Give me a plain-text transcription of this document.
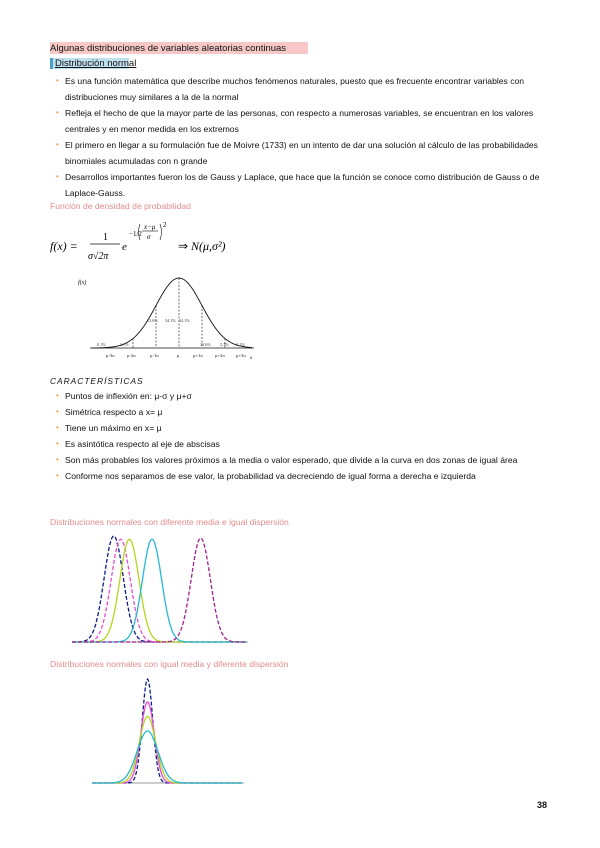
Algunas distribuciones de variables aleatorias continuas
Distribución normal
• Es una función matemática que describe muchos fenómenos naturales, puesto que es frecuente encontrar variables con distribuciones muy similares a la de la normal
• Refleja el hecho de que la mayor parte de las personas, con respecto a numerosas variables, se encuentran en los valores centrales y en menor medida en los extremos
• El primero en llegar a su formulación fue de Moivre (1733) en un intento de dar una solución al cálculo de las probabilidades binomiales acumuladas con n grande
• Desarrollos importantes fueron los de Gauss y Laplace, que hace que la función se conoce como distribución de Gauss o de Laplace-Gauss.
Función de densidad de probabilidad
f(x) =
1
σ√2π
e
−1/2
x−μ
σ
2
⇒ N(μ,σ²)
f(x)
x
0.1%	2.1%
13.6% 34.1% 34.1%
13.6% 2.1% 0.1%
μ-3σ	μ-2σ	μ-1σ	μ	μ+1σ	μ+2σ μ+3σ
CARACTERÍSTICAS
• Puntos de inflexión en: μ-σ y μ+σ
• Simétrica respecto a x= μ
• Tiene un máximo en x= μ
• Es asintótica respecto al eje de abscisas
• Son más probables los valores próximos a la media o valor esperado, que divide a la curva en dos zonas de igual área
• Conforme nos separamos de ese valor, la probabilidad va decreciendo de igual forma a derecha e izquierda
Distribuciones normales con diferente media e igual dispersión
Distribuciones normales con igual media y diferente dispersión
38
